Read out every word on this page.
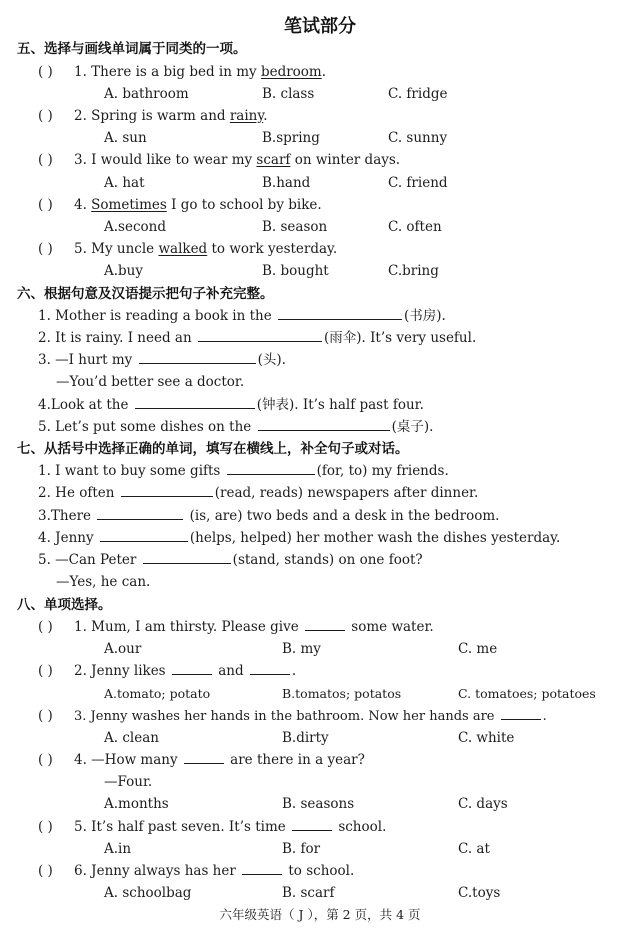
笔试部分
五、选择与画线单词属于同类的一项。
( ) 1. There is a big bed in my bedroom.
A. bathroom	B. class	C. fridge
( ) 2. Spring is warm and rainy.
A. sun	B.spring	C. sunny
( ) 3. I would like to wear my scarf on winter days.
A. hat	B.hand	C. friend
( ) 4. Sometimes I go to school by bike.
A.second	B. season	C. often
( ) 5. My uncle walked to work yesterday.
A.buy	B. bought	C.bring
六、根据句意及汉语提示把句子补充完整。
1. Mother is reading a book in the	(书房).
2. It is rainy. I need an	(雨伞). It’s very useful.
3. —I hurt my	(头).
—You’d better see a doctor.
4.Look at the	(钟表). It’s half past four.
5. Let’s put some dishes on the	(桌子).
七、从括号中选择正确的单词，填写在横线上，补全句子或对话。
1. I want to buy some gifts	(for, to) my friends.
2. He often	(read, reads) newspapers after dinner.
3.There	(is, are) two beds and a desk in the bedroom.
4. Jenny	(helps, helped) her mother wash the dishes yesterday.
5. —Can Peter	(stand, stands) on one foot?
—Yes, he can.
八、单项选择。
( ) 1. Mum, I am thirsty. Please give	some water.
A.our	B. my	C. me
( ) 2. Jenny likes	and	.
A.tomato; potato	B.tomatos; potatos	C. tomatoes; potatoes
( ) 3. Jenny washes her hands in the bathroom. Now her hands are	.
A. clean	B.dirty	C. white
( ) 4. —How many	are there in a year?
—Four.
A.months	B. seasons	C. days
( ) 5. It’s half past seven. It’s time	school.
A.in	B. for	C. at
( ) 6. Jenny always has her	to school.
A. schoolbag	B. scarf	C.toys
六年级英语（ J ），第 2 页，共 4 页
